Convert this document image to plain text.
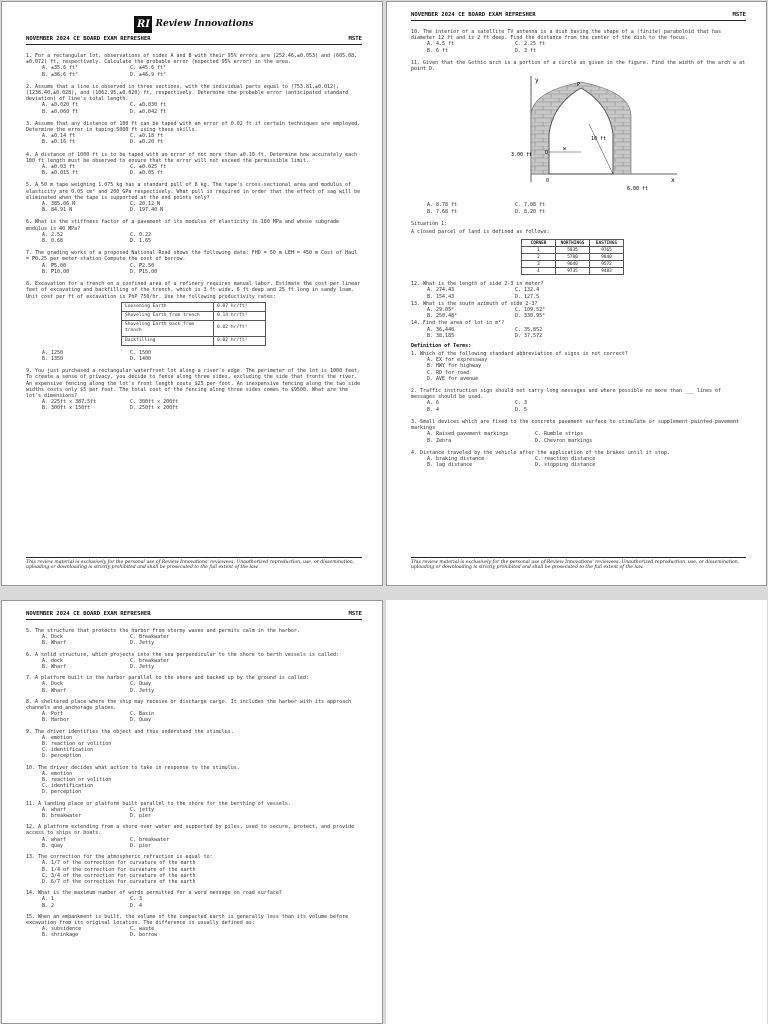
RI Review Innovations
NOVEMBER 2024 CE BOARD EXAM REFRESHER	MSTE
1. For a rectangular lot, observations of sides A and B with their 95% errors are (252.46,±0.053) and (605.08,±0.072) ft, respectively. Calculate the probable error (expected 95% error) in the area.
A. ±35.6 ft²	C. ±45.6 ft²
B. ±36.6 ft²	D. ±46.9 ft²
2. Assume that a line is observed in three sections, with the individual parts equal to (753.81,±0.012), (1238.40,±0.028), and (1062.95,±0.020) ft, respectively. Determine the probable error (anticipated standard deviation) of line's total length.
A. ±0.020 ft	C. ±0.030 ft
B. ±0.060 ft	D. ±0.042 ft
3. Assume that any distance of 100 ft can be taped with an error of 0.02 ft if certain techniques are employed. Determine the error in taping 5000 ft using these skills.
A. ±0.14 ft	C. ±0.18 ft
B. ±0.16 ft	D. ±0.20 ft
4. A distance of 1000 ft is to be taped with an error of not more than ±0.10 ft. Determine how accurately each 100 ft length must be observed to ensure that the error will not exceed the permissible limit.
A. ±0.03 ft	C. ±0.025 ft
B. ±0.015 ft	D. ±0.05 ft
5. A 50 m tape weighing 1.075 kg has a standard pull of 8 kg. The tape's cross-sectional area and modulus of elasticity are 0.05 cm² and 200 GPa respectively. What pull is required in order that the effect of sag will be eliminated when the tape is supported at the end points only?
A. 385.06 N	C. 20.12 N
B. 84.91 N	D. 197.40 N
6. What is the stiffness factor of a pavement if its modulus of elasticity is 180 MPa and whose subgrade modulus is 40 MPa?
A. 2.52	C. 0.22
B. 0.68	D. 1.65
7. The grading works of a proposed National Road shows the following data: FHD = 50 m LEH = 450 m Cost of Haul = ₱0.25 per meter station Compute the cost of borrow.
A. ₱5.00	C. ₱2.50
B. ₱10.00	D. ₱15.00
8. Excavation for a trench on a confined area of a refinery requires manual labor. Estimate the cost per linear feet of excavating and backfilling of the trench, which is 3 ft wide, 6 ft deep and 25 ft long in sandy loam. Unit cost per ft of excavation is PhP 750/hr. Use the following productivity rates:
Loosening Earth	0.07 hr/ft³
Shoveling Earth from trench	0.14 hr/ft³
Shoveling Earth back from trench	0.02 hr/ft³
Backfilling	0.02 hr/ft³
A. 1250	C. 1500
B. 1350	D. 1400
9. You just purchased a rectangular waterfront lot along a river's edge. The perimeter of the lot is 1000 feet. To create a sense of privacy, you decide to fence along three sides, excluding the side that fronts the river. An expensive fencing along the lot's front length costs $25 per foot. An inexpensive fencing along the two side widths costs only $5 per foot. The total cost of the fencing along three sides comes to $9500. What are the lot's dimensions?
A. 225ft x 387.5ft	C. 300ft x 200ft
B. 300ft x 150ft	D. 250ft x 200ft
This review material is exclusively for the personal use of Review Innovations' reviewees. Unauthorized reproduction, use, or dissemination, uploading or downloading is strictly prohibited and shall be prosecuted to the full extent of the law.
NOVEMBER 2024 CE BOARD EXAM REFRESHER	MSTE
10. The interior of a satellite TV antenna is a dish having the shape of a (finite) paraboloid that has diameter 12 ft and is 2 ft deep. Find the distance from the center of the dish to the focus.
A. 4.5 ft	C. 2.25 ft
B. 6 ft	D. 3 ft
11. Given that the Gothic arch is a portion of a circle as given in the figure. Find the width of the arch w at point D.
y
x
3.00 ft
10 ft
w
6.00 ft
0
P
D
A. 8.78 ft	C. 7.08 ft
B. 7.68 ft	D. 8.20 ft
Situation 1:
A closed parcel of land is defined as follows:
CORNER	NORTHINGS	EASTINGS
1	5835	9765
2	5780	9840
3	9640	9572
4	9735	9483
12. What is the length of side 2-3 in meter?
A. 274.43	C. 132.4
B. 154.43	D. 127.5
13. What is the south azimuth of side 2-3?
A. 29.05°	C. 109.52°
B. 250.48°	D. 330.95°
14. Find the area of lot in m²?
A. 36,440	C. 35,852
B. 38,185	D. 37,572
Definition of Terms:
1. Which of the following standard abbreviation of signs is not correct?
A. EX for expressway
B. HWY for highway
C. RD for road
D. AVE for avenue
2. Traffic instruction sign should not carry long messages and where possible no more than ___ lines of messages should be used.
A. 6	C. 3
B. 4	D. 5
3. Small devices which are fixed to the concrete pavement surface to stimulate or supplement painted pavement markings
A. Raised pavement markings	C. Rumble strips
B. Zebra	D. Chevron markings
4. Distance traveled by the vehicle after the application of the brakes until it stop.
A. braking distance	C. reaction distance
B. lag distance	D. stopping distance
This review material is exclusively for the personal use of Review Innovations' reviewees. Unauthorized reproduction, use, or dissemination, uploading or downloading is strictly prohibited and shall be prosecuted to the full extent of the law.
NOVEMBER 2024 CE BOARD EXAM REFRESHER	MSTE
5. The structure that protects the harbor from stormy waves and permits calm in the harbor.
A. Dock	C. Breakwater
B. Wharf	D. Jetty
6. A solid structure, which projects into the sea perpendicular to the shore to berth vessels is called:
A. dock	C. breakwater
B. Wharf	D. Jetty
7. A platform built in the harbor parallel to the shore and backed up by the ground is called:
A. Dock	C. Quay
B. Wharf	D. Jetty
8. A sheltered place where the ship may receive or discharge cargo. It includes the harbor with its approach channels and anchorage places.
A. Port	C. Basin
B. Harbor	D. Quay
9. The driver identifies the object and thus understand the stimulus.
A. emotion
B. reaction or volition
C. identification
D. perception
10. The driver decides what action to take in response to the stimulus.
A. emotion
B. reaction or volition
C. identification
D. perception
11. A landing place or platform built parallel to the shore for the berthing of vessels.
A. wharf	C. jetty
B. breakwater	D. pier
12. A platform extending from a shore over water and supported by piles, used to secure, protect, and provide access to ships or boats.
A. wharf	C. breakwater
B. quay	D. pier
13. The correction for the atmospheric refraction is equal to:
A. 1/7 of the correction for curvature of the earth
B. 1/4 of the correction for curvature of the earth
C. 3/4 of the correction for curvature of the earth
D. 6/7 of the correction for curvature of the earth
14. What is the maximum number of words permitted for a word message on road surface?
A. 1	C. 3
B. 2	D. 4
15. When an embankment is built, the volume of the compacted earth is generally less than its volume before excavation from its original location. The difference is usually defined as:
A. subsidence	C. waste
B. shrinkage	D. borrow
